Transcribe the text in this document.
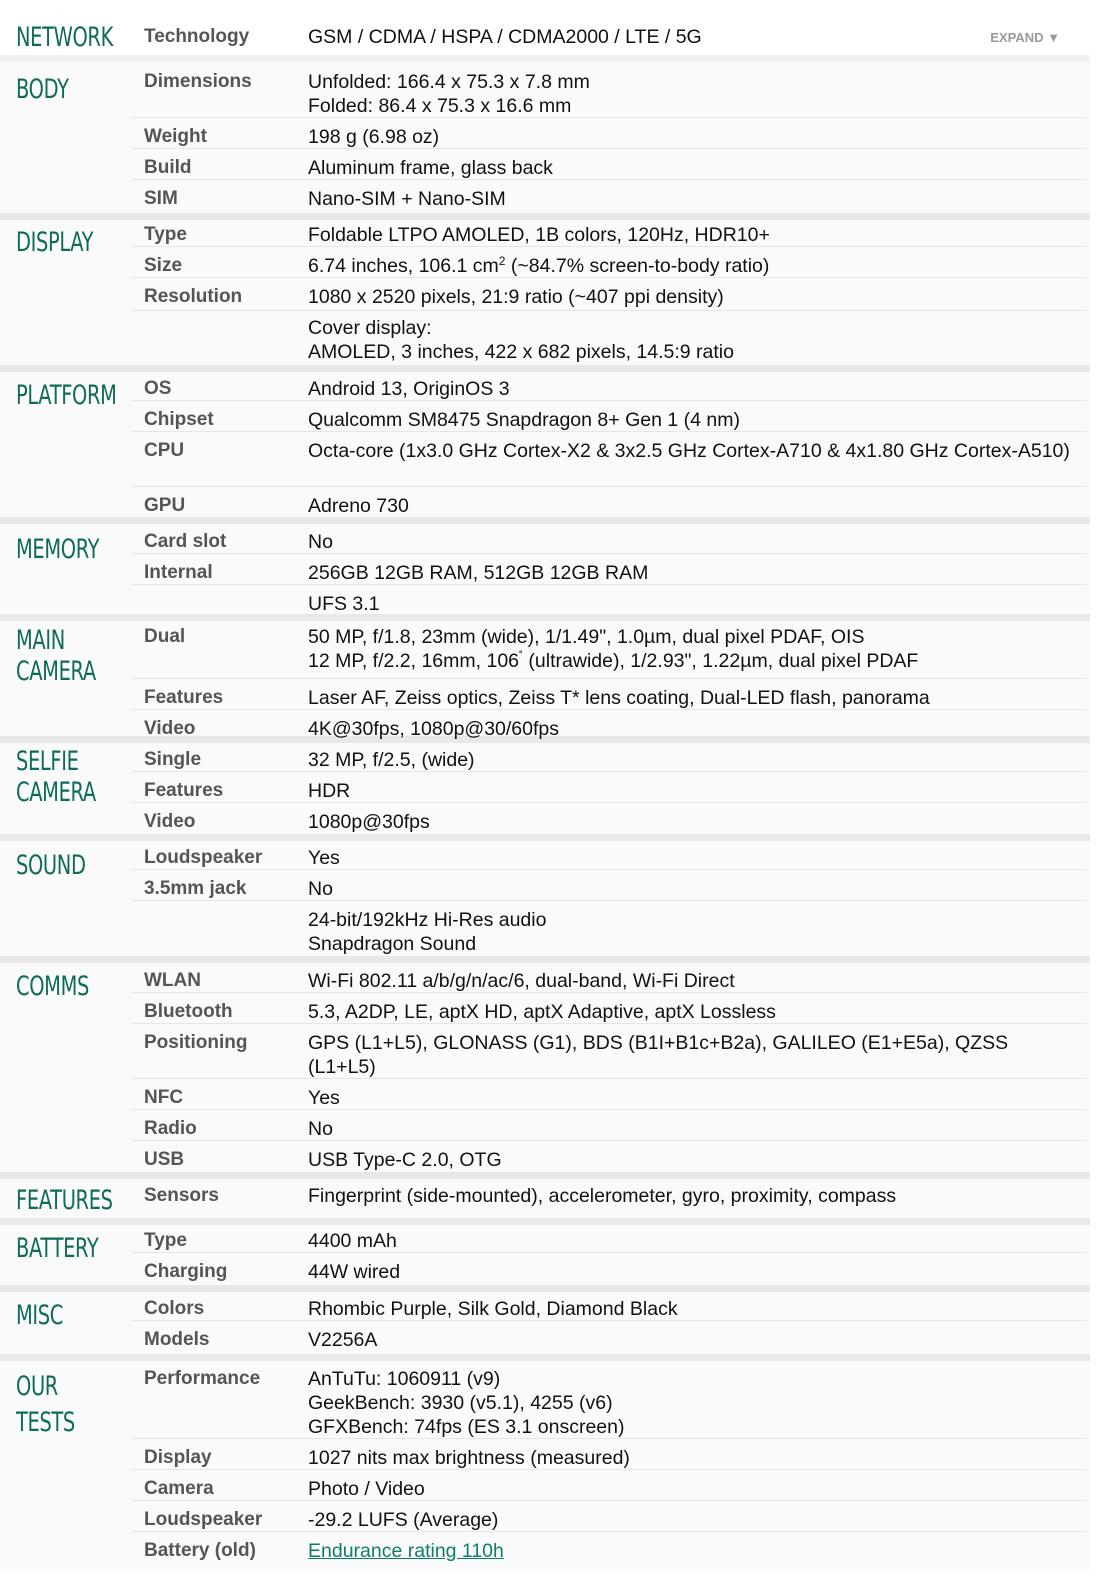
NETWORK Technology	GSM / CDMA / HSPA / CDMA2000 / LTE / 5G	EXPAND ▼
BODY	Dimensions	Unfolded: 166.4 x 75.3 x 7.8 mm
Folded: 86.4 x 75.3 x 16.6 mm
Weight	198 g (6.98 oz)
Build	Aluminum frame, glass back
SIM	Nano-SIM + Nano-SIM
DISPLAY	Type	Foldable LTPO AMOLED, 1B colors, 120Hz, HDR10+
Size	6.74 inches, 106.1 $cm^2$ (~84.7% screen-to-body ratio)
Resolution	1080 x 2520 pixels, 21:9 ratio (~407 ppi density)
Cover display:
AMOLED, 3 inches, 422 x 682 pixels, 14.5:9 ratio
PLATFORM OS	Android 13, OriginOS 3
Chipset	Qualcomm SM8475 Snapdragon 8+ Gen 1 (4 nm)
CPU	Octa-core (1x3.0 GHz Cortex-X2 & 3x2.5 GHz Cortex-A710 & 4x1.80 GHz Cortex-A510)
GPU	Adreno 730
MEMORY Card slot	No
Internal	256GB 12GB RAM, 512GB 12GB RAM
UFS 3.1
MAIN
CAMERA
Dual	50 MP, f/1.8, 23mm (wide), 1/1.49", 1.0µm, dual pixel PDAF, OIS
12 MP, f/2.2, 16mm, 106˚ (ultrawide), 1/2.93", 1.22µm, dual pixel PDAF
Features	Laser AF, Zeiss optics, Zeiss T* lens coating, Dual-LED flash, panorama
Video	4K@30fps, 1080p@30/60fps
SELFIE
CAMERA
Single	32 MP, f/2.5, (wide)
Features	HDR
Video	1080p@30fps
SOUND	Loudspeaker	Yes
3.5mm jack	No
24-bit/192kHz Hi-Res audio
Snapdragon Sound
COMMS	WLAN	Wi-Fi 802.11 a/b/g/n/ac/6, dual-band, Wi-Fi Direct
Bluetooth	5.3, A2DP, LE, aptX HD, aptX Adaptive, aptX Lossless
Positioning	GPS (L1+L5), GLONASS (G1), BDS (B1I+B1c+B2a), GALILEO (E1+E5a), QZSS (L1+L5)
NFC	Yes
Radio	No
USB	USB Type-C 2.0, OTG
FEATURES Sensors	Fingerprint (side-mounted), accelerometer, gyro, proximity, compass
BATTERY Type	4400 mAh
Charging	44W wired
MISC	Colors	Rhombic Purple, Silk Gold, Diamond Black
Models	V2256A
OUR
TESTS
Performance	AnTuTu: 1060911 (v9)
GeekBench: 3930 (v5.1), 4255 (v6)
GFXBench: 74fps (ES 3.1 onscreen)
Display	1027 nits max brightness (measured)
Camera	Photo / Video
Loudspeaker	-29.2 LUFS (Average)
Battery (old)	Endurance rating 110h
